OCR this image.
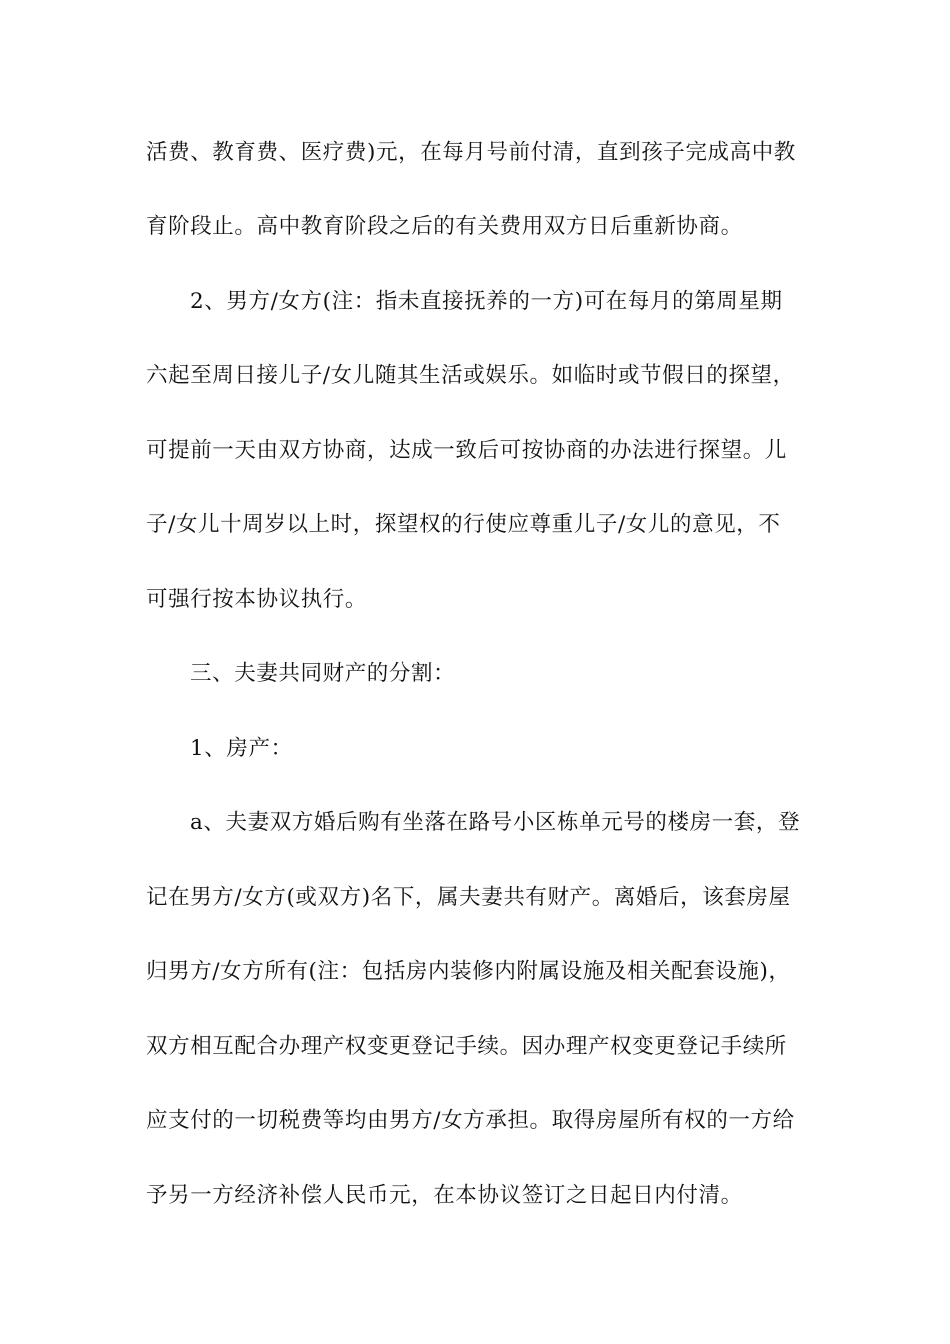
活费、教育费、医疗费)元，在每月号前付清，直到孩子完成高中教
育阶段止。高中教育阶段之后的有关费用双方日后重新协商。
2、男方/女方(注：指未直接抚养的一方)可在每月的第周星期
六起至周日接儿子/女儿随其生活或娱乐。如临时或节假日的探望，
可提前一天由双方协商，达成一致后可按协商的办法进行探望。儿
子/女儿十周岁以上时，探望权的行使应尊重儿子/女儿的意见，不
可强行按本协议执行。
三、夫妻共同财产的分割：
1、房产：
a、夫妻双方婚后购有坐落在路号小区栋单元号的楼房一套，登
记在男方/女方(或双方)名下，属夫妻共有财产。离婚后，该套房屋
归男方/女方所有(注：包括房内装修内附属设施及相关配套设施)，
双方相互配合办理产权变更登记手续。因办理产权变更登记手续所
应支付的一切税费等均由男方/女方承担。取得房屋所有权的一方给
予另一方经济补偿人民币元，在本协议签订之日起日内付清。
